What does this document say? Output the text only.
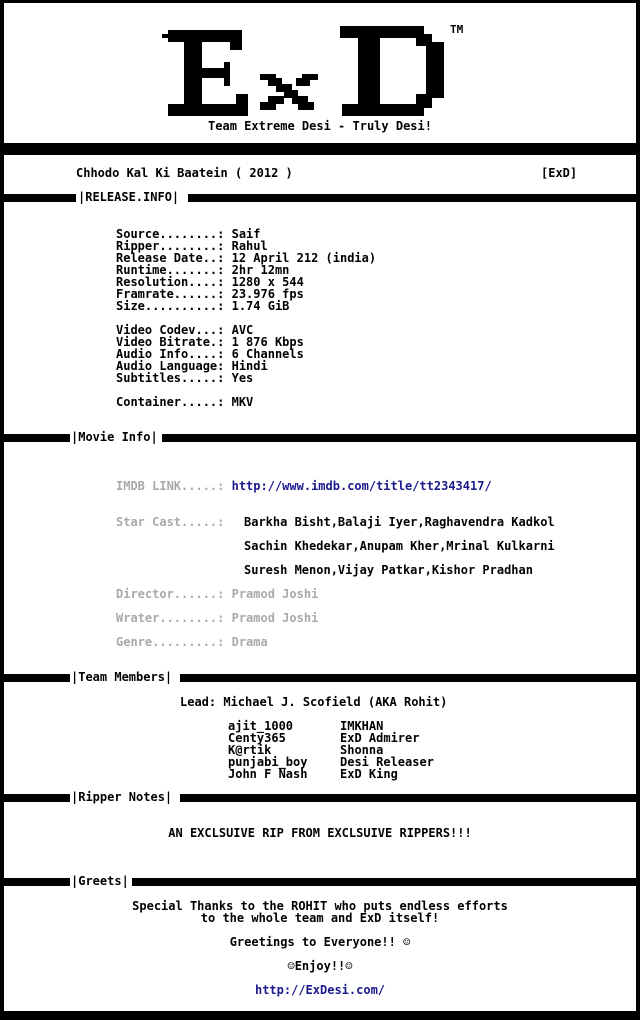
TM
Team Extreme Desi - Truly Desi!
Chhodo Kal Ki Baatein ( 2012 )	[ExD]
|RELEASE.INFO|
Source........: Saif
Ripper........: Rahul
Release Date..: 12 April 212 (india)
Runtime.......: 2hr 12mn
Resolution....: 1280 x 544
Framrate......: 23.976 fps
Size..........: 1.74 GiB
Video Codev...: AVC
Video Bitrate.: 1 876 Kbps
Audio Info....: 6 Channels
Audio Language: Hindi
Subtitles.....: Yes
Container.....: MKV
|Movie Info|
IMDB LINK.....: http://www.imdb.com/title/tt2343417/
Star Cast.....: Barkha Bisht,Balaji Iyer,Raghavendra Kadkol
Sachin Khedekar,Anupam Kher,Mrinal Kulkarni
Suresh Menon,Vijay Patkar,Kishor Pradhan
Director......: Pramod Joshi
Wrater........: Pramod Joshi
Genre.........: Drama
|Team Members|
Lead: Michael J. Scofield (AKA Rohit)
ajit_1000	IMKHAN
Centy365	ExD Admirer
K@rtik	Shonna
punjabi_boy	Desi Releaser
John F Nash	ExD King
|Ripper Notes|
AN EXCLSUIVE RIP FROM EXCLSUIVE RIPPERS!!!
|Greets|
Special Thanks to the ROHIT who puts endless efforts
to the whole team and ExD itself!
Greetings to Everyone!! ☺
☺Enjoy!!☺
http://ExDesi.com/
